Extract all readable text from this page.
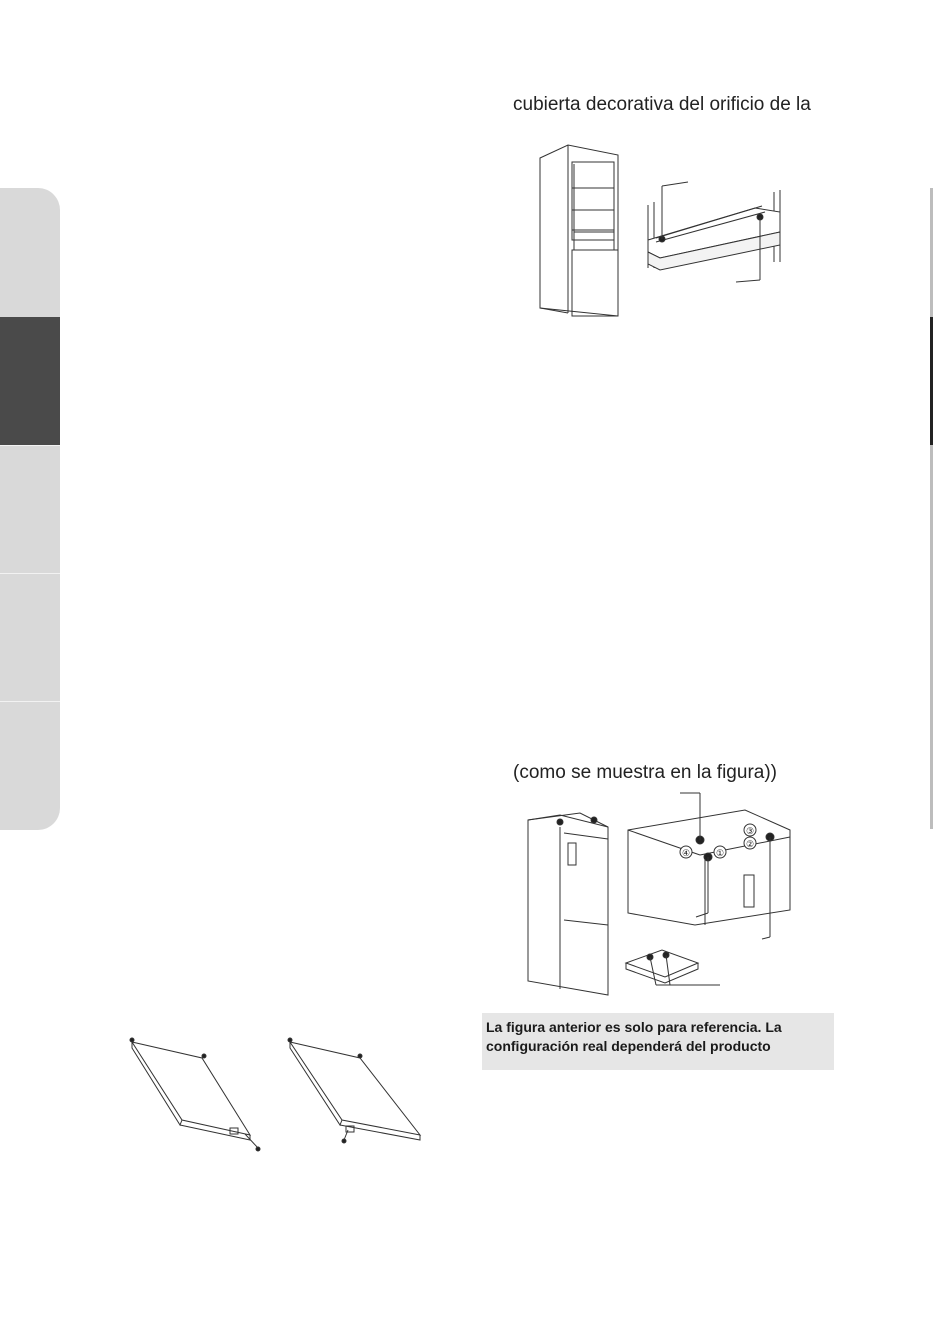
cubierta decorativa del orificio de la
(como se muestra en la figura))
③
②
④	①

La figura anterior es solo para referencia. La

configuración real dependerá del producto
